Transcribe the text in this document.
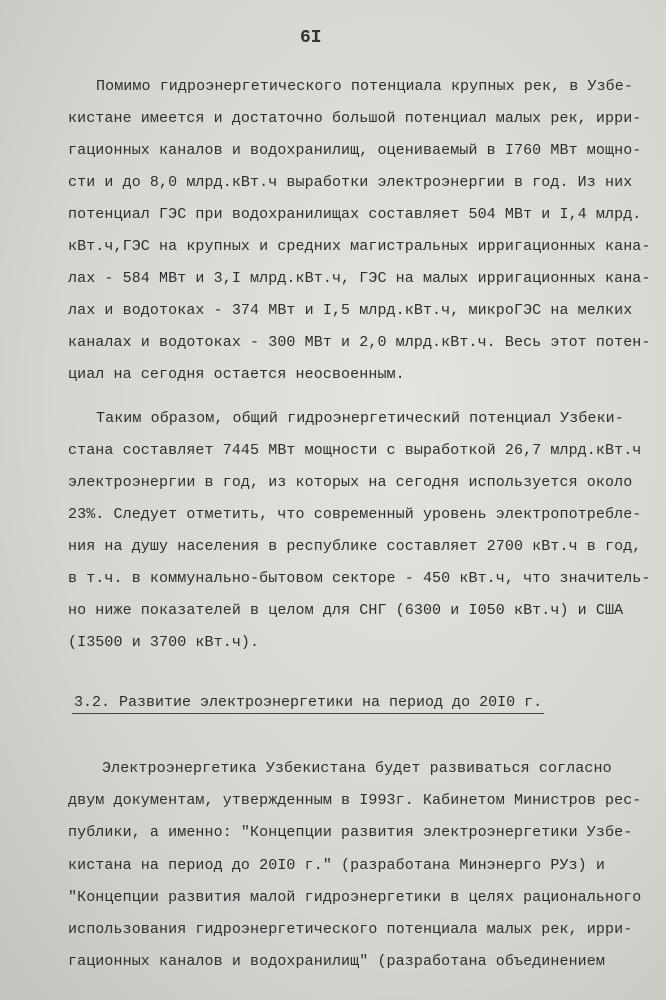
6I
Помимо гидроэнергетического потенциала крупных рек, в Узбе-
кистане имеется и достаточно большой потенциал малых рек, ирри-
гационных каналов и водохранилищ, оцениваемый в I760 МВт мощно-
сти и до 8,0 млрд.кВт.ч выработки электроэнергии в год. Из них
потенциал ГЭС при водохранилищах составляет 504 МВт и I,4 млрд.
кВт.ч,ГЭС на крупных и средних магистральных ирригационных кана-
лах - 584 МВт и 3,I млрд.кВт.ч, ГЭС на малых ирригационных кана-
лах и водотоках - 374 МВт и I,5 млрд.кВт.ч, микроГЭС на мелких
каналах и водотоках - 300 МВт и 2,0 млрд.кВт.ч. Весь этот потен-
циал на сегодня остается неосвоенным.
Таким образом, общий гидроэнергетический потенциал Узбеки-
стана составляет 7445 МВт мощности с выработкой 26,7 млрд.кВт.ч
электроэнергии в год, из которых на сегодня используется около
23%. Следует отметить, что современный уровень электропотребле-
ния на душу населения в республике составляет 2700 кВт.ч в год,
в т.ч. в коммунально-бытовом секторе - 450 кВт.ч, что значитель-
но ниже показателей в целом для СНГ (6300 и I050 кВт.ч) и США
(I3500 и 3700 кВт.ч).
3.2. Развитие электроэнергетики на период до 20I0 г.
Электроэнергетика Узбекистана будет развиваться согласно
двум документам, утвержденным в I993г. Кабинетом Министров рес-
публики, а именно: "Концепции развития электроэнергетики Узбе-
кистана на период до 20I0 г." (разработана Минэнерго РУз) и
"Концепции развития малой гидроэнергетики в целях рационального
использования гидроэнергетического потенциала малых рек, ирри-
гационных каналов и водохранилищ" (разработана объединением
